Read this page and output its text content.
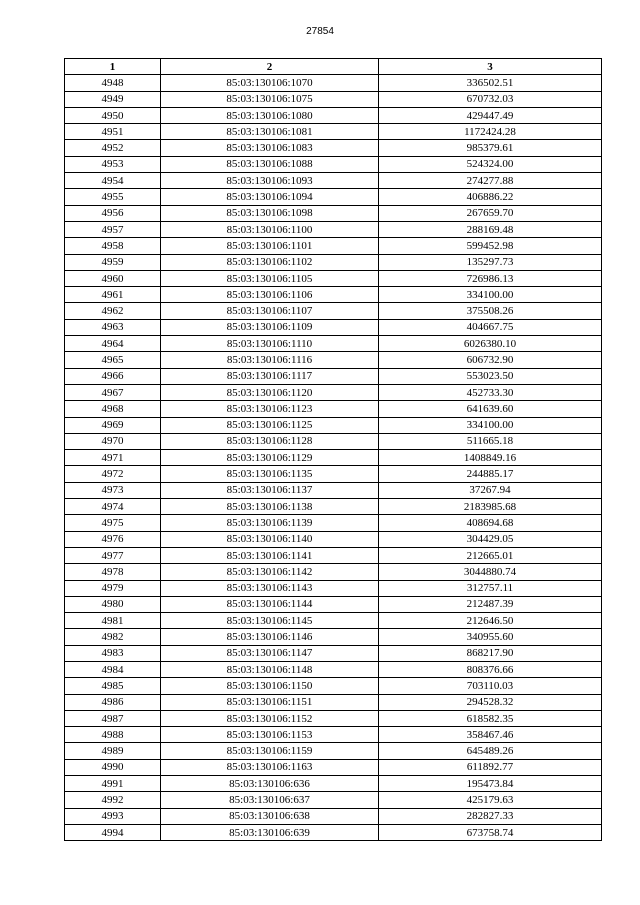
27854
1	2	3
4948	85:03:130106:1070	336502.51
4949	85:03:130106:1075	670732.03
4950	85:03:130106:1080	429447.49
4951	85:03:130106:1081	1172424.28
4952	85:03:130106:1083	985379.61
4953	85:03:130106:1088	524324.00
4954	85:03:130106:1093	274277.88
4955	85:03:130106:1094	406886.22
4956	85:03:130106:1098	267659.70
4957	85:03:130106:1100	288169.48
4958	85:03:130106:1101	599452.98
4959	85:03:130106:1102	135297.73
4960	85:03:130106:1105	726986.13
4961	85:03:130106:1106	334100.00
4962	85:03:130106:1107	375508.26
4963	85:03:130106:1109	404667.75
4964	85:03:130106:1110	6026380.10
4965	85:03:130106:1116	606732.90
4966	85:03:130106:1117	553023.50
4967	85:03:130106:1120	452733.30
4968	85:03:130106:1123	641639.60
4969	85:03:130106:1125	334100.00
4970	85:03:130106:1128	511665.18
4971	85:03:130106:1129	1408849.16
4972	85:03:130106:1135	244885.17
4973	85:03:130106:1137	37267.94
4974	85:03:130106:1138	2183985.68
4975	85:03:130106:1139	408694.68
4976	85:03:130106:1140	304429.05
4977	85:03:130106:1141	212665.01
4978	85:03:130106:1142	3044880.74
4979	85:03:130106:1143	312757.11
4980	85:03:130106:1144	212487.39
4981	85:03:130106:1145	212646.50
4982	85:03:130106:1146	340955.60
4983	85:03:130106:1147	868217.90
4984	85:03:130106:1148	808376.66
4985	85:03:130106:1150	703110.03
4986	85:03:130106:1151	294528.32
4987	85:03:130106:1152	618582.35
4988	85:03:130106:1153	358467.46
4989	85:03:130106:1159	645489.26
4990	85:03:130106:1163	611892.77
4991	85:03:130106:636	195473.84
4992	85:03:130106:637	425179.63
4993	85:03:130106:638	282827.33
4994	85:03:130106:639	673758.74
